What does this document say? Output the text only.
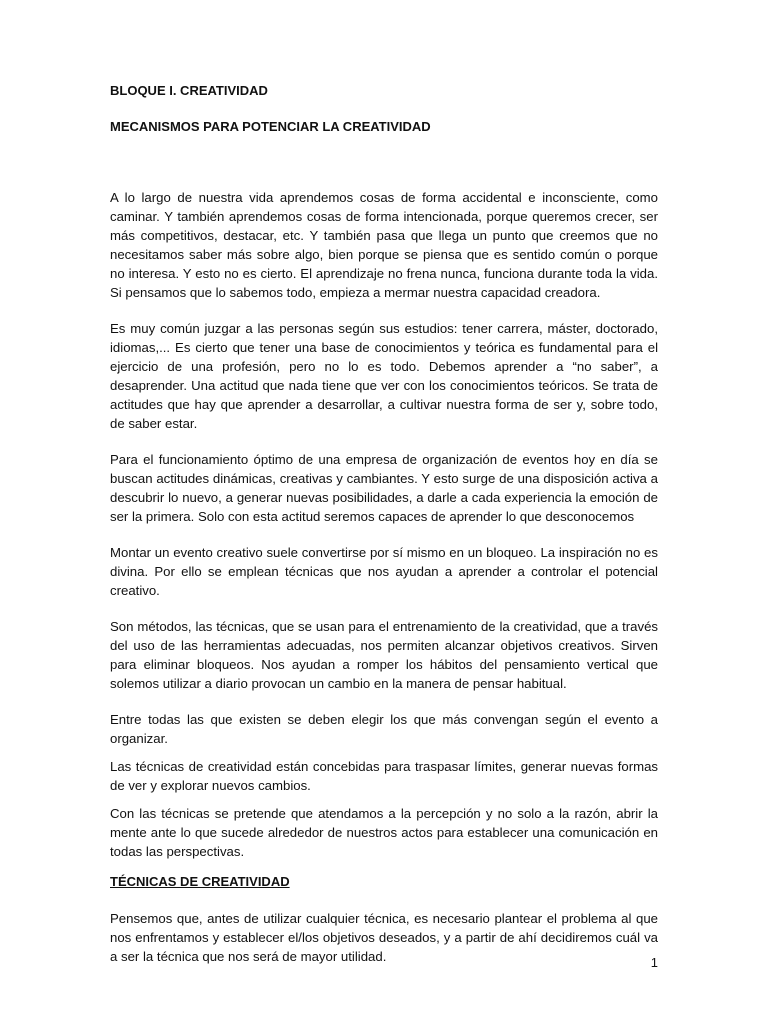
BLOQUE I. CREATIVIDAD
MECANISMOS PARA POTENCIAR LA CREATIVIDAD

A lo largo de nuestra vida aprendemos cosas de forma accidental e inconsciente, como caminar. Y también aprendemos cosas de forma intencionada, porque queremos crecer, ser más competitivos, destacar, etc. Y también pasa que llega un punto que creemos que no necesitamos saber más sobre algo, bien porque se piensa que es sentido común o porque no interesa. Y esto no es cierto. El aprendizaje no frena nunca, funciona durante toda la vida. Si pensamos que lo sabemos todo, empieza a mermar nuestra capacidad creadora.

Es muy común juzgar a las personas según sus estudios: tener carrera, máster, doctorado, idiomas,... Es cierto que tener una base de conocimientos y teórica es fundamental para el ejercicio de una profesión, pero no lo es todo. Debemos aprender a “no saber”, a desaprender. Una actitud que nada tiene que ver con los conocimientos teóricos. Se trata de actitudes que hay que aprender a desarrollar, a cultivar nuestra forma de ser y, sobre todo, de saber estar.

Para el funcionamiento óptimo de una empresa de organización de eventos hoy en día se buscan actitudes dinámicas, creativas y cambiantes. Y esto surge de una disposición activa a descubrir lo nuevo, a generar nuevas posibilidades, a darle a cada experiencia la emoción de ser la primera. Solo con esta actitud seremos capaces de aprender lo que desconocemos

Montar un evento creativo suele convertirse por sí mismo en un bloqueo. La inspiración no es divina. Por ello se emplean técnicas que nos ayudan a aprender a controlar el potencial creativo.

Son métodos, las técnicas, que se usan para el entrenamiento de la creatividad, que a través del uso de las herramientas adecuadas, nos permiten alcanzar objetivos creativos. Sirven para eliminar bloqueos. Nos ayudan a romper los hábitos del pensamiento vertical que solemos utilizar a diario provocan un cambio en la manera de pensar habitual.

Entre todas las que existen se deben elegir los que más convengan según el evento a organizar.

Las técnicas de creatividad están concebidas para traspasar límites, generar nuevas formas de ver y explorar nuevos cambios.

Con las técnicas se pretende que atendamos a la percepción y no solo a la razón, abrir la mente ante lo que sucede alrededor de nuestros actos para establecer una comunicación en todas las perspectivas.

TÉCNICAS DE CREATIVIDAD

Pensemos que, antes de utilizar cualquier técnica, es necesario plantear el problema al que nos enfrentamos y establecer el/los objetivos deseados, y a partir de ahí decidiremos cuál va a ser la técnica que nos será de mayor utilidad.	1
